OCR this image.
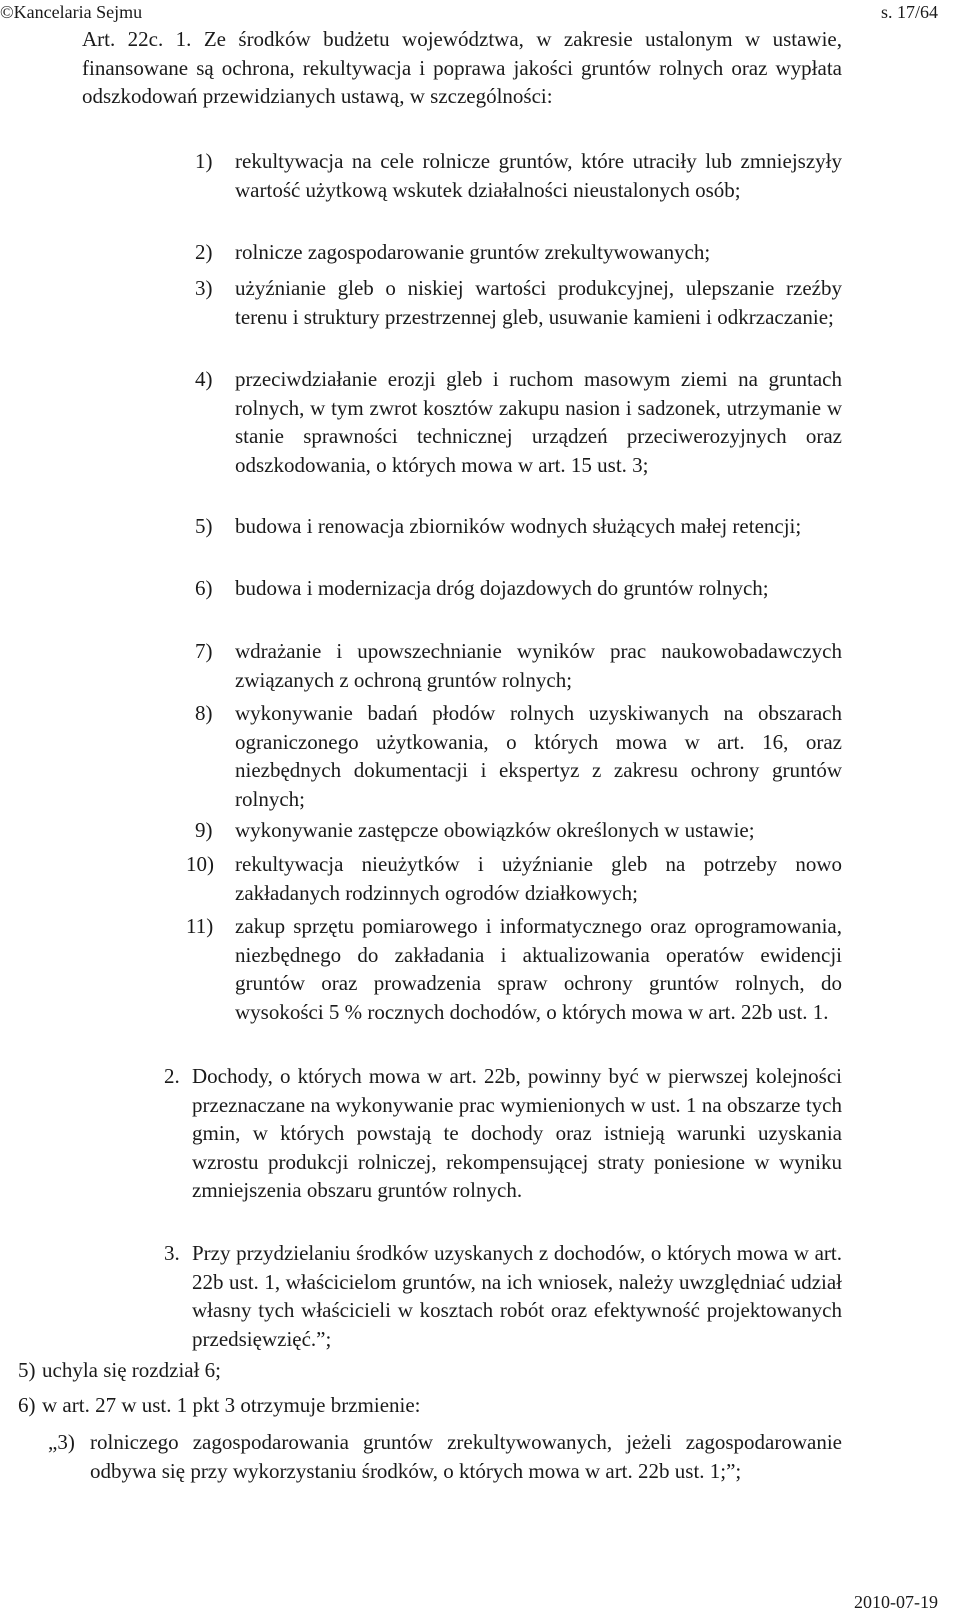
©Kancelaria Sejmu	s. 17/64

Art. 22c. 1. Ze środków budżetu województwa, w zakresie ustalonym w ustawie, finansowane są ochrona, rekultywacja i poprawa jakości gruntów rolnych oraz wypłata odszkodowań przewidzianych ustawą, w szczególności:

1)	rekultywacja na cele rolnicze gruntów, które utraciły lub zmniejszyły wartość użytkową wskutek działalności nieustalonych osób;
2)	rolnicze zagospodarowanie gruntów zrekultywowanych;
3)	użyźnianie gleb o niskiej wartości produkcyjnej, ulepszanie rzeźby terenu i struktury przestrzennej gleb, usuwanie kamieni i odkrzaczanie;
4)	przeciwdziałanie erozji gleb i ruchom masowym ziemi na gruntach rolnych, w tym zwrot kosztów zakupu nasion i sadzonek, utrzymanie w stanie sprawności technicznej urządzeń przeciwerozyjnych oraz odszkodowania, o których mowa w art. 15 ust. 3;
5)	budowa i renowacja zbiorników wodnych służących małej retencji;
6)	budowa i modernizacja dróg dojazdowych do gruntów rolnych;
7)	wdrażanie i upowszechnianie wyników prac naukowobadawczych związanych z ochroną gruntów rolnych;
8)	wykonywanie badań płodów rolnych uzyskiwanych na obszarach ograniczonego użytkowania, o których mowa w art. 16, oraz niezbędnych dokumentacji i ekspertyz z zakresu ochrony gruntów rolnych;
9)	wykonywanie zastępcze obowiązków określonych w ustawie;
10)	rekultywacja nieużytków i użyźnianie gleb na potrzeby nowo zakładanych rodzinnych ogrodów działkowych;
11)	zakup sprzętu pomiarowego i informatycznego oraz oprogramowania, niezbędnego do zakładania i aktualizowania operatów ewidencji gruntów oraz prowadzenia spraw ochrony gruntów rolnych, do wysokości 5 % rocznych dochodów, o których mowa w art. 22b ust. 1.
2. Dochody, o których mowa w art. 22b, powinny być w pierwszej kolejności przeznaczane na wykonywanie prac wymienionych w ust. 1 na obszarze tych gmin, w których powstają te dochody oraz istnieją warunki uzyskania wzrostu produkcji rolniczej, rekompensującej straty poniesione w wyniku zmniejszenia obszaru gruntów rolnych.
3. Przy przydzielaniu środków uzyskanych z dochodów, o których mowa w art. 22b ust. 1, właścicielom gruntów, na ich wniosek, należy uwzględniać udział własny tych właścicieli w kosztach robót oraz efektywność projektowanych przedsięwzięć.”;
5) uchyla się rozdział 6;
6) w art. 27 w ust. 1 pkt 3 otrzymuje brzmienie:
„3) rolniczego zagospodarowania gruntów zrekultywowanych, jeżeli zagospodarowanie odbywa się przy wykorzystaniu środków, o których mowa w art. 22b ust. 1;”;
2010-07-19
